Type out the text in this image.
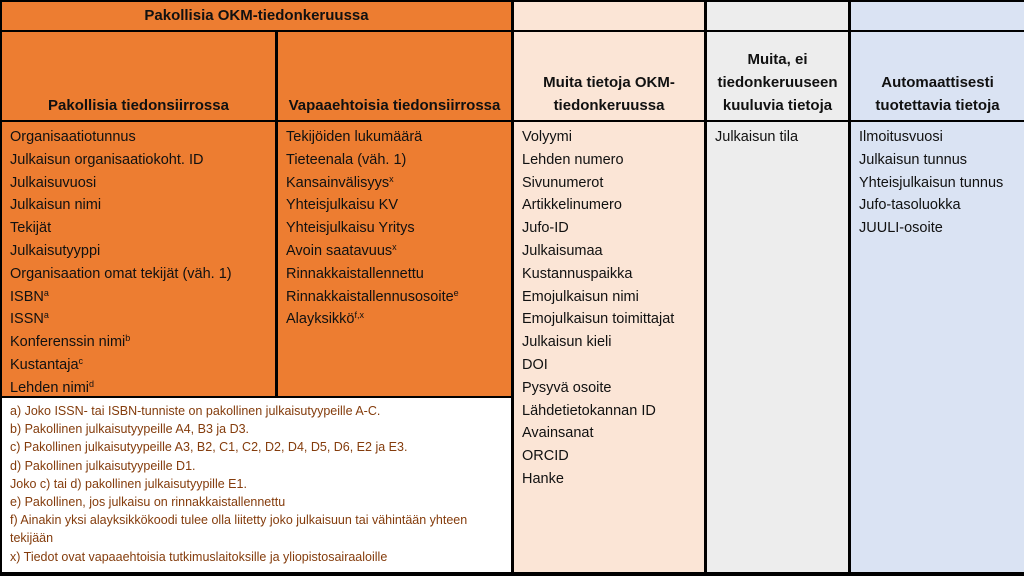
Pakollisia OKM-tiedonkeruussa
Pakollisia tiedonsiirrossa	Vapaaehtoisia tiedonsiirrossa
Muita tietoja OKM-tiedonkeruussa
Muita, ei tiedonkeruuseen kuuluvia tietoja
Automaattisesti tuotettavia tietoja
Organisaatiotunnus
Julkaisun organisaatiokoht. ID
Julkaisuvuosi
Julkaisun nimi
Tekijät
Julkaisutyyppi
Organisaation omat tekijät (väh. 1)
ISBN$^a$
ISSN$^a$
Konferenssin nimi$^b$
Kustantaja$^c$
Lehden nimi$^d$
Tekijöiden lukumäärä
Tieteenala (väh. 1)
Kansainvälisyys$^x$
Yhteisjulkaisu KV
Yhteisjulkaisu Yritys
Avoin saatavuus$^x$
Rinnakkaistallennettu
Rinnakkaistallennusosoite$^e$
Alayksikkö$^{f,x}$
a) Joko ISSN- tai ISBN-tunniste on pakollinen julkaisutyypeille A-C.
b) Pakollinen julkaisutyypeille A4, B3 ja D3.
c) Pakollinen julkaisutyypeille A3, B2, C1, C2, D2, D4, D5, D6, E2 ja E3.
d) Pakollinen julkaisutyypeille D1.
Joko c) tai d) pakollinen julkaisutyypille E1.
e) Pakollinen, jos julkaisu on rinnakkaistallennettu
f) Ainakin yksi alayksikkökoodi tulee olla liitetty joko julkaisuun tai vähintään yhteen tekijään
x) Tiedot ovat vapaaehtoisia tutkimuslaitoksille ja yliopistosairaaloille
Volyymi
Lehden numero
Sivunumerot
Artikkelinumero
Jufo-ID
Julkaisumaa
Kustannuspaikka
Emojulkaisun nimi
Emojulkaisun toimittajat
Julkaisun kieli
DOI
Pysyvä osoite
Lähdetietokannan ID
Avainsanat
ORCID
Hanke
Julkaisun tila	Ilmoitusvuosi
Julkaisun tunnus
Yhteisjulkaisun tunnus
Jufo-tasoluokka
JUULI-osoite
